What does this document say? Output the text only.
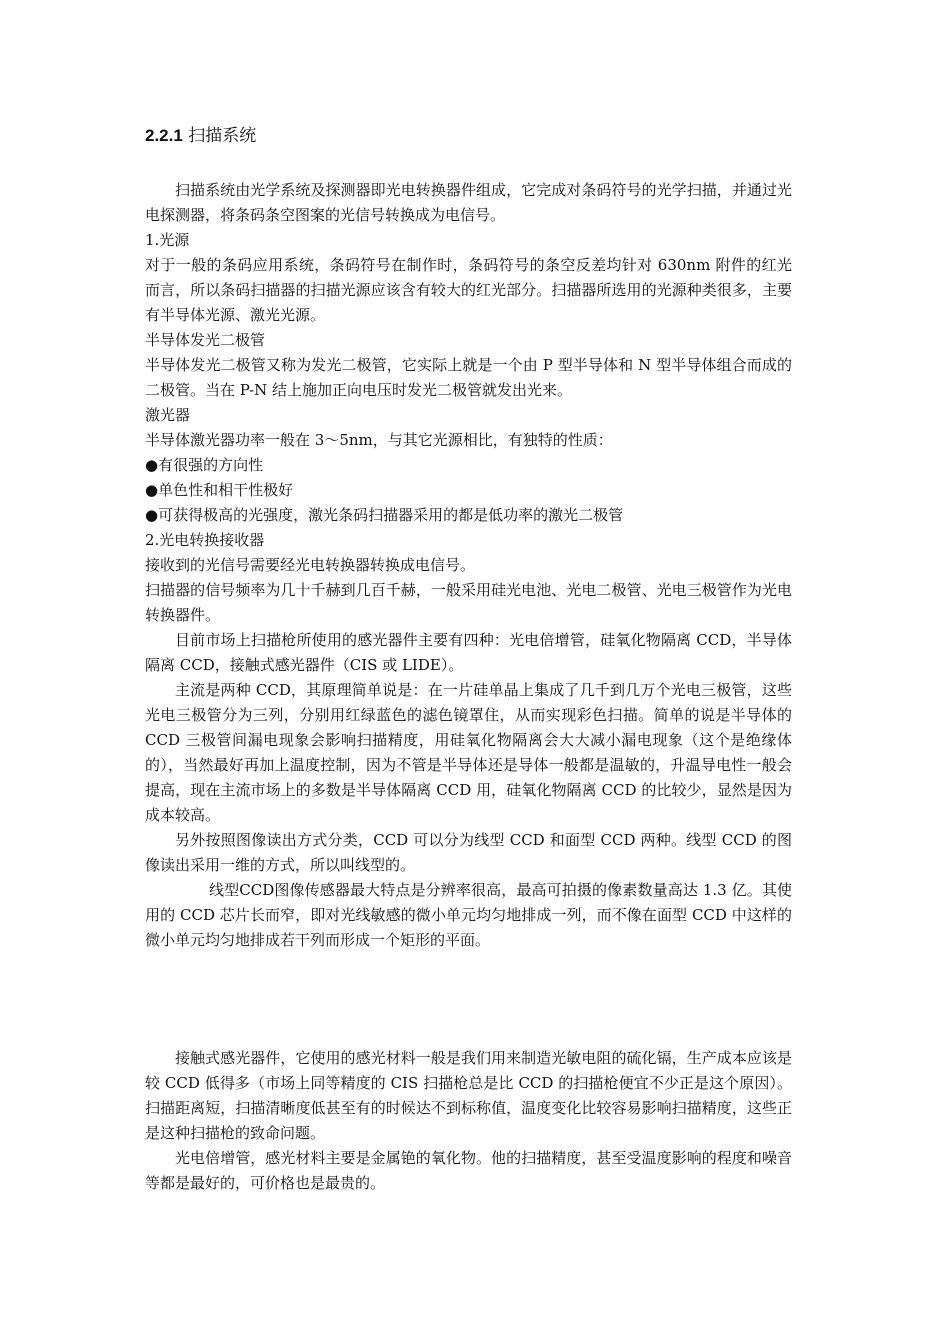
2.2.1 扫描系统

扫描系统由光学系统及探测器即光电转换器件组成，它完成对条码符号的光学扫描，并通过光电探测器，将条码条空图案的光信号转换成为电信号。

1.光源

对于一般的条码应用系统，条码符号在制作时，条码符号的条空反差均针对 630nm 附件的红光而言，所以条码扫描器的扫描光源应该含有较大的红光部分。扫描器所选用的光源种类很多，主要有半导体光源、激光光源。

半导体发光二极管

半导体发光二极管又称为发光二极管，它实际上就是一个由 P 型半导体和 N 型半导体组合而成的二极管。当在 P-N 结上施加正向电压时发光二极管就发出光来。

激光器

半导体激光器功率一般在 3～5nm，与其它光源相比，有独特的性质：

●有很强的方向性

●单色性和相干性极好

●可获得极高的光强度，激光条码扫描器采用的都是低功率的激光二极管

2.光电转换接收器

接收到的光信号需要经光电转换器转换成电信号。

扫描器的信号频率为几十千赫到几百千赫，一般采用硅光电池、光电二极管、光电三极管作为光电转换器件。

目前市场上扫描枪所使用的感光器件主要有四种：光电倍增管，硅氧化物隔离 CCD，半导体隔离 CCD，接触式感光器件（CIS 或 LIDE）。

主流是两种 CCD，其原理简单说是：在一片硅单晶上集成了几千到几万个光电三极管，这些光电三极管分为三列，分别用红绿蓝色的滤色镜罩住，从而实现彩色扫描。简单的说是半导体的 CCD 三极管间漏电现象会影响扫描精度，用硅氧化物隔离会大大减小漏电现象（这个是绝缘体的），当然最好再加上温度控制，因为不管是半导体还是导体一般都是温敏的，升温导电性一般会提高，现在主流市场上的多数是半导体隔离 CCD 用，硅氧化物隔离 CCD 的比较少，显然是因为成本较高。

另外按照图像读出方式分类，CCD 可以分为线型 CCD 和面型 CCD 两种。线型 CCD 的图像读出采用一维的方式，所以叫线型的。

线型CCD图像传感器最大特点是分辨率很高，最高可拍摄的像素数量高达 1.3 亿。其使用的 CCD 芯片长而窄，即对光线敏感的微小单元均匀地排成一列，而不像在面型 CCD 中这样的微小单元均匀地排成若干列而形成一个矩形的平面。

接触式感光器件，它使用的感光材料一般是我们用来制造光敏电阻的硫化镉，生产成本应该是较 CCD 低得多（市场上同等精度的 CIS 扫描枪总是比 CCD 的扫描枪便宜不少正是这个原因）。扫描距离短，扫描清晰度低甚至有的时候达不到标称值，温度变化比较容易影响扫描精度，这些正是这种扫描枪的致命问题。

光电倍增管，感光材料主要是金属铯的氧化物。他的扫描精度，甚至受温度影响的程度和噪音等都是最好的，可价格也是最贵的。
